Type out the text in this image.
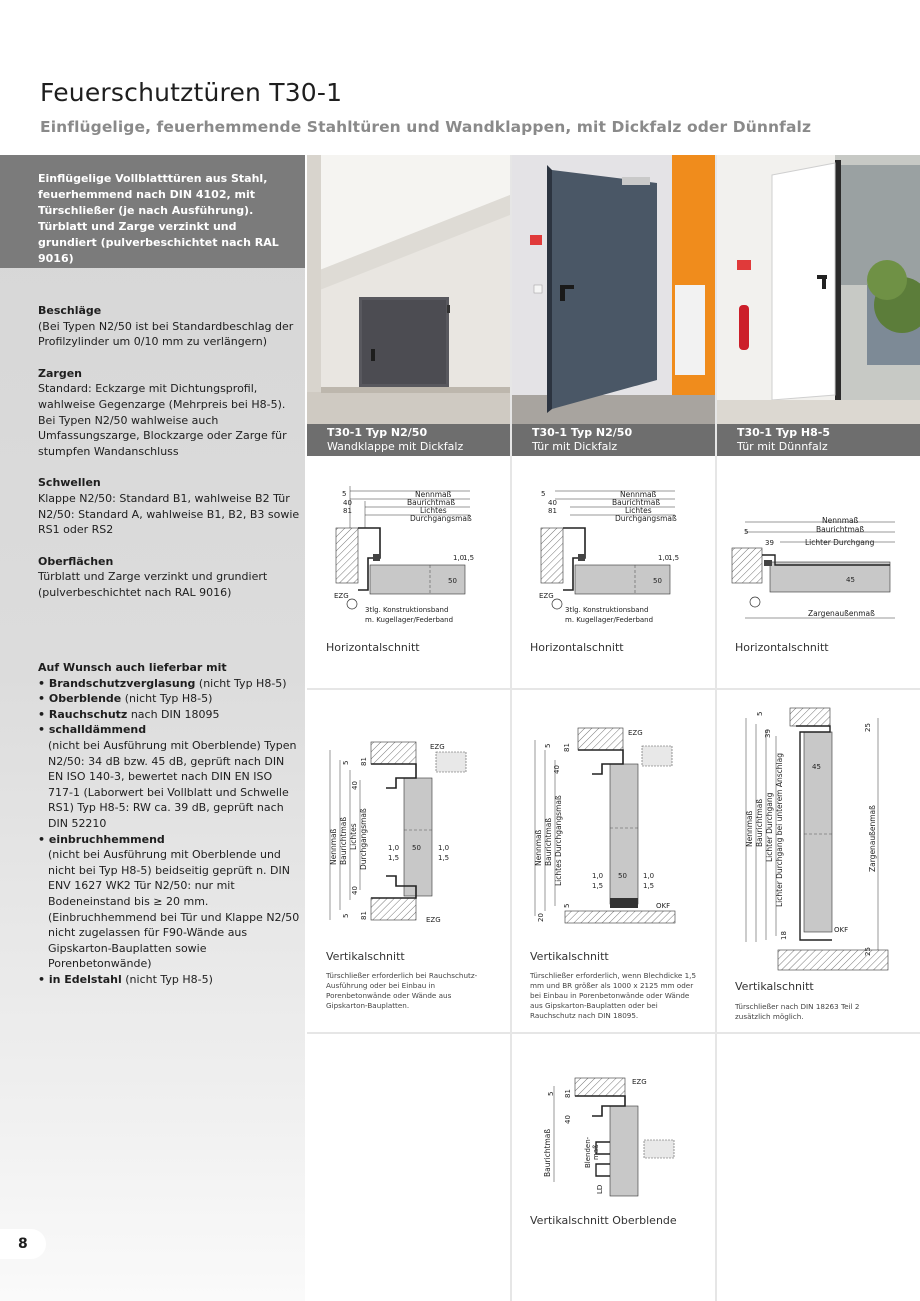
Feuerschutztüren T30-1
Einflügelige, feuerhemmende Stahltüren und Wandklappen, mit Dickfalz oder Dünnfalz

Einflügelige Vollblatttüren aus Stahl, feuerhemmend nach DIN 4102, mit Türschließer (je nach Ausführung). Türblatt und Zarge verzinkt und grundiert (pulverbeschichtet nach RAL 9016)

Beschläge

(Bei Typen N2/50 ist bei Standardbeschlag der Profilzylinder um 0/10 mm zu verlängern)

Zargen

Standard: Eckzarge mit Dichtungsprofil, wahlweise Gegenzarge (Mehrpreis bei H8-5). Bei Typen N2/50 wahlweise auch Umfassungszarge, Blockzarge oder Zarge für stumpfen Wandanschluss

Schwellen

Klappe N2/50: Standard B1, wahlweise B2 Tür N2/50: Standard A, wahlweise B1, B2, B3 sowie RS1 oder RS2

Oberflächen

Türblatt und Zarge verzinkt und grundiert (pulverbeschichtet nach RAL 9016)

Auf Wunsch auch lieferbar mit
• Brandschutzverglasung (nicht Typ H8-5)
• Oberblende (nicht Typ H8-5)
• Rauchschutz nach DIN 18095
• schalldämmend
(nicht bei Ausführung mit Oberblende) Typen N2/50: 34 dB bzw. 45 dB, geprüft nach DIN EN ISO 140-3, bewertet nach DIN EN ISO 717-1 (Laborwert bei Vollblatt und Schwelle RS1) Typ H8-5: RW ca. 39 dB, geprüft nach DIN 52210
• einbruchhemmend
(nicht bei Ausführung mit Oberblende und nicht bei Typ H8-5) beidseitig geprüft n. DIN ENV 1627 WK2 Tür N2/50: nur mit Bodeneinstand bis ≥ 20 mm. (Einbruchhemmend bei Tür und Klappe N2/50 nicht zugelassen für F90-Wände aus Gipskarton-Bauplatten sowie Porenbetonwände)
• in Edelstahl (nicht Typ H8-5)
8
T30-1 Typ N2/50
Wandklappe mit Dickfalz
T30-1 Typ N2/50
Tür mit Dickfalz
T30-1 Typ H8-5
Tür mit Dünnfalz
Nennmaß
Baurichtmaß
40
Lichtes
81
Durchgangsmaß
5
50
1,0
1,5
EZG
3tlg. Konstruktionsband
m. Kugellager/Federband
Nennmaß
Baurichtmaß
40
Lichtes
81
Durchgangsmaß
5
50
1,0
1,5
EZG
3tlg. Konstruktionsband
m. Kugellager/Federband
Nennmaß
Baurichtmaß
5
39	Lichter Durchgang
45
Zargenaußenmaß
Horizontalschnitt	Horizontalschnitt	Horizontalschnitt
Nennmaß Baurichtmaß Lichtes Durchgangsmaß
5
40
81
40
5 81
EZG
EZG
1,0
1,5
50 1,0
1,5	Nennmaß Baurichtmaß Lichtes Durchgangsmaß
5
40
81
20
5
EZG
OKF
1,0
1,5
50 1,0
1,5
Nennmaß Baurichtmaß Lichter Durchgang Lichter Durchgang bei unterem Anschlag	Zargenaußenmaß
5
39
25
25
18
45
OKF
Vertikalschnitt	Vertikalschnitt
Vertikalschnitt
Türschließer erforderlich bei Rauchschutz-Ausführung oder bei Einbau in Porenbetonwände oder Wände aus Gipskarton-Bauplatten.
Türschließer erforderlich, wenn Blechdicke 1,5 mm und BR größer als 1000 x 2125 mm oder bei Einbau in Porenbetonwände oder Wände aus Gipskarton-Bauplatten oder bei Rauchschutz nach DIN 18095.
Türschließer nach DIN 18263 Teil 2 zusätzlich möglich.
Baurichtmaß
5 81
40
Blenden- maß
LD
EZG
Vertikalschnitt Oberblende
